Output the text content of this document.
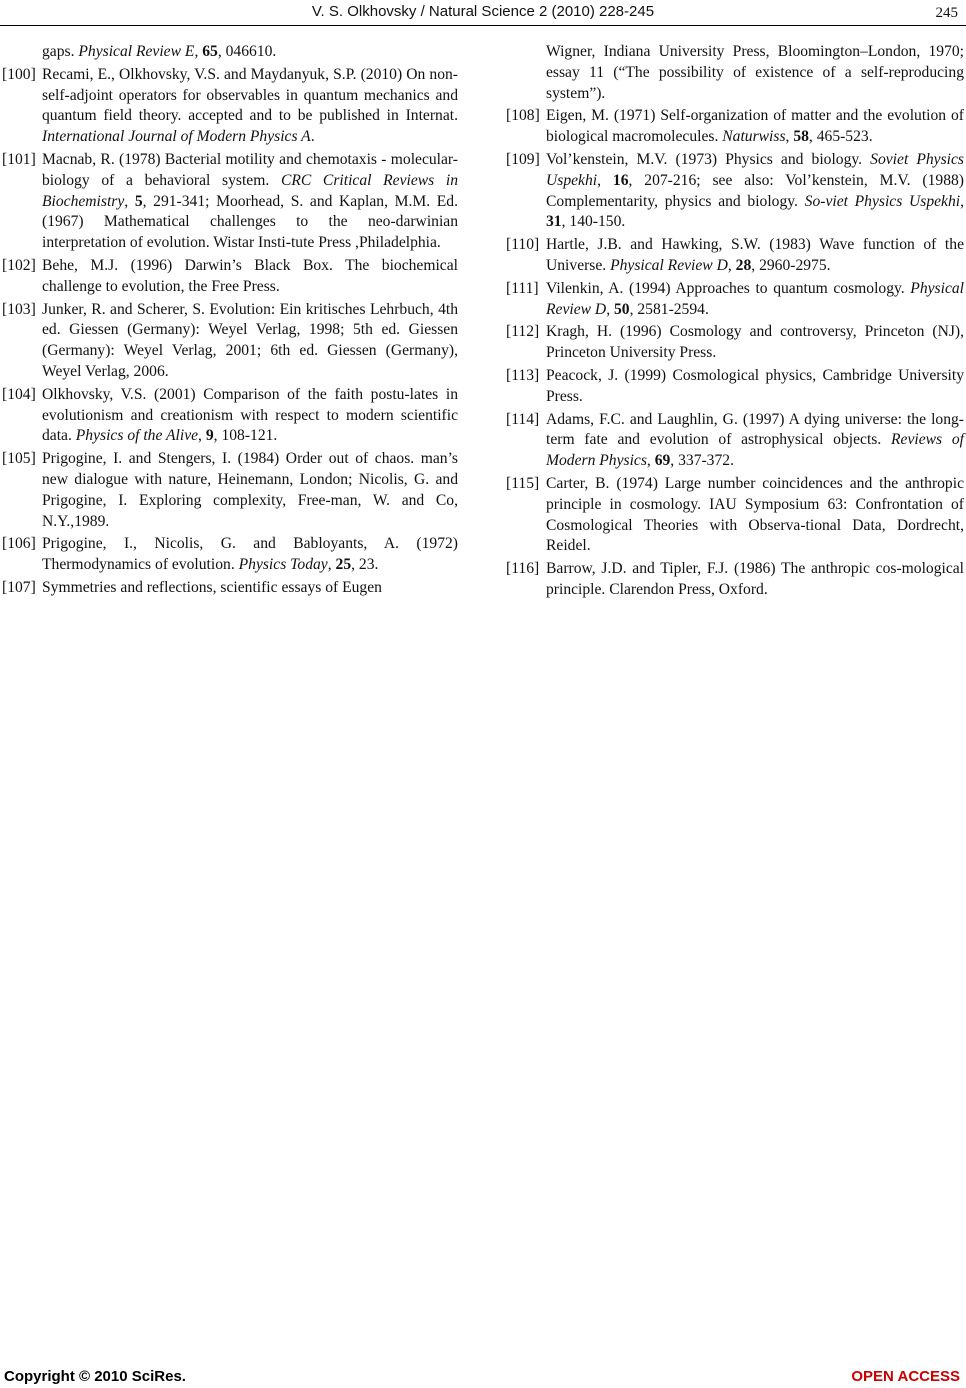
V. S. Olkhovsky / Natural Science 2 (2010) 228-245	245
gaps. Physical Review E, 65, 046610.
[100] Recami, E., Olkhovsky, V.S. and Maydanyuk, S.P. (2010) On non-self-adjoint operators for observables in quantum mechanics and quantum field theory. accepted and to be published in Internat. International Journal of Modern Physics A.
[101] Macnab, R. (1978) Bacterial motility and chemotaxis - molecular-biology of a behavioral system. CRC Critical Reviews in Biochemistry, 5, 291-341; Moorhead, S. and Kaplan, M.M. Ed. (1967) Mathematical challenges to the neo-darwinian interpretation of evolution. Wistar Insti-tute Press ,Philadelphia.
[102] Behe, M.J. (1996) Darwin’s Black Box. The biochemical challenge to evolution, the Free Press.
[103] Junker, R. and Scherer, S. Evolution: Ein kritisches Lehrbuch, 4th ed. Giessen (Germany): Weyel Verlag, 1998; 5th ed. Giessen (Germany): Weyel Verlag, 2001; 6th ed. Giessen (Germany), Weyel Verlag, 2006.
[104] Olkhovsky, V.S. (2001) Comparison of the faith postu-lates in evolutionism and creationism with respect to modern scientific data. Physics of the Alive, 9, 108-121.
[105] Prigogine, I. and Stengers, I. (1984) Order out of chaos. man’s new dialogue with nature, Heinemann, London; Nicolis, G. and Prigogine, I. Exploring complexity, Free-man, W. and Co, N.Y.,1989.
[106] Prigogine, I., Nicolis, G. and Babloyants, A. (1972) Thermodynamics of evolution. Physics Today, 25, 23.
[107] Symmetries and reflections, scientific essays of Eugen
Wigner, Indiana University Press, Bloomington–London, 1970; essay 11 (“The possibility of existence of a self-reproducing system”).
[108] Eigen, M. (1971) Self-organization of matter and the evolution of biological macromolecules. Naturwiss, 58, 465-523.
[109] Vol’kenstein, M.V. (1973) Physics and biology. Soviet Physics Uspekhi, 16, 207-216; see also: Vol’kenstein, M.V. (1988) Complementarity, physics and biology. So-viet Physics Uspekhi, 31, 140-150.
[110] Hartle, J.B. and Hawking, S.W. (1983) Wave function of the Universe. Physical Review D, 28, 2960-2975.
[111] Vilenkin, A. (1994) Approaches to quantum cosmology. Physical Review D, 50, 2581-2594.
[112] Kragh, H. (1996) Cosmology and controversy, Princeton (NJ), Princeton University Press.
[113] Peacock, J. (1999) Cosmological physics, Cambridge University Press.
[114] Adams, F.C. and Laughlin, G. (1997) A dying universe: the long-term fate and evolution of astrophysical objects. Reviews of Modern Physics, 69, 337-372.
[115] Carter, B. (1974) Large number coincidences and the anthropic principle in cosmology. IAU Symposium 63: Confrontation of Cosmological Theories with Observa-tional Data, Dordrecht, Reidel.
[116] Barrow, J.D. and Tipler, F.J. (1986) The anthropic cos-mological principle. Clarendon Press, Oxford.
Copyright © 2010 SciRes.	OPEN ACCESS
